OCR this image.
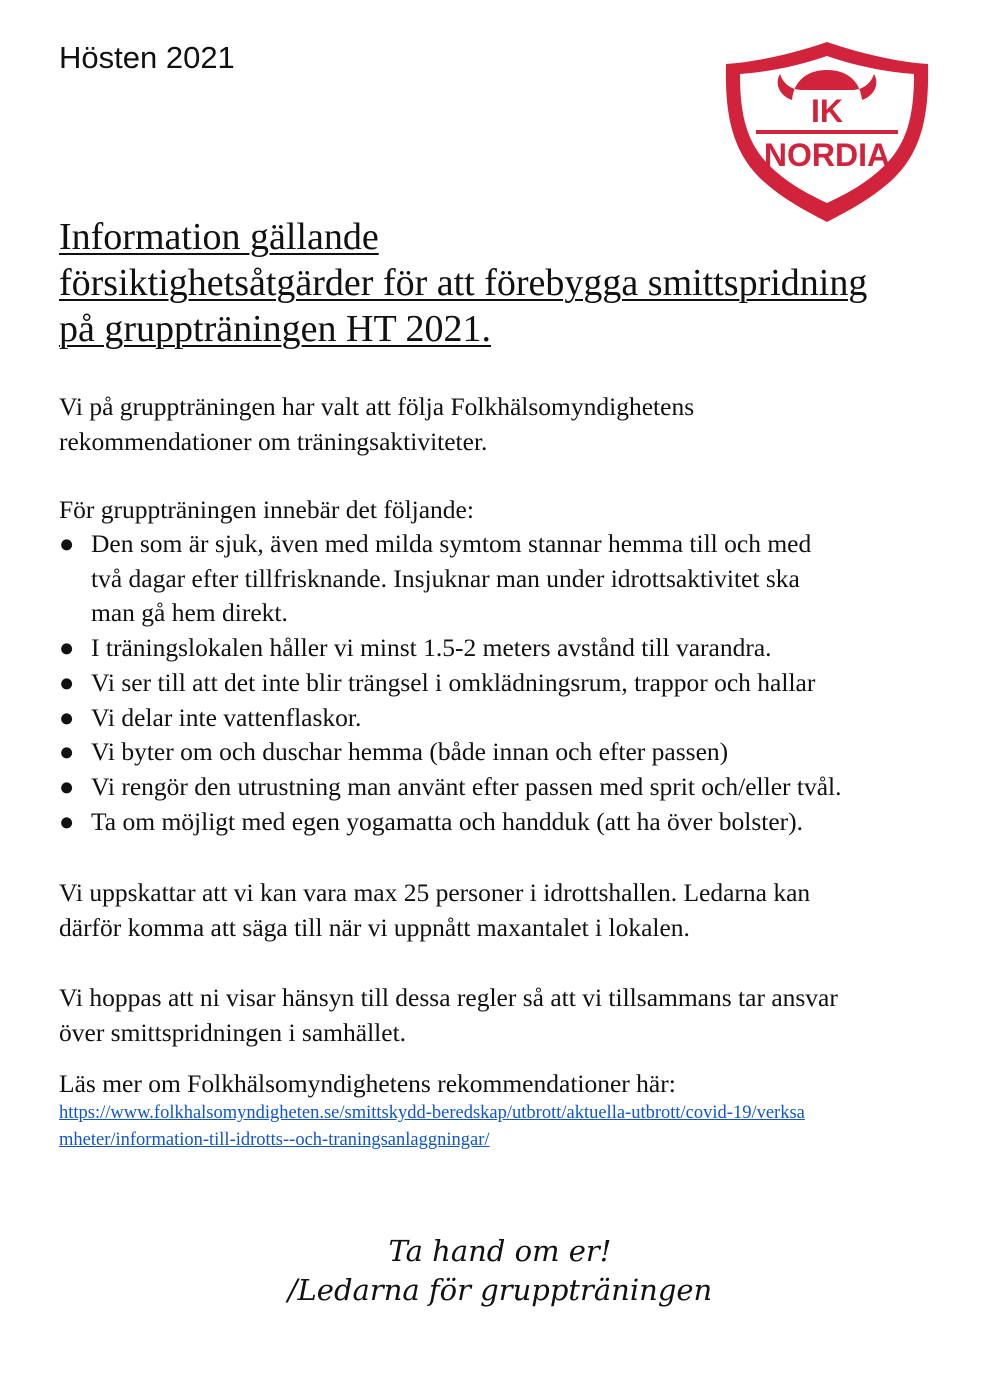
Hösten 2021

IK
NORDIA
Information gällande
försiktighetsåtgärder för att förebygga smittspridning
på gruppträningen HT 2021.

Vi på gruppträningen har valt att följa Folkhälsomyndighetens
rekommendationer om träningsaktiviteter.

För gruppträningen innebär det följande:

● Den som är sjuk, även med milda symtom stannar hemma till och med
två dagar efter tillfrisknande. Insjuknar man under idrottsaktivitet ska
man gå hem direkt.
● I träningslokalen håller vi minst 1.5-2 meters avstånd till varandra.
● Vi ser till att det inte blir trängsel i omklädningsrum, trappor och hallar
● Vi delar inte vattenflaskor.
● Vi byter om och duschar hemma (både innan och efter passen)
● Vi rengör den utrustning man använt efter passen med sprit och/eller tvål.
● Ta om möjligt med egen yogamatta och handduk (att ha över bolster).

Vi uppskattar att vi kan vara max 25 personer i idrottshallen. Ledarna kan
därför komma att säga till när vi uppnått maxantalet i lokalen.

Vi hoppas att ni visar hänsyn till dessa regler så att vi tillsammans tar ansvar
över smittspridningen i samhället.

Läs mer om Folkhälsomyndighetens rekommendationer här:

https://www.folkhalsomyndigheten.se/smittskydd-beredskap/utbrott/aktuella-utbrott/covid-19/verksa
mheter/information-till-idrotts--och-traningsanlaggningar/

Ta hand om er!
/Ledarna för gruppträningen
